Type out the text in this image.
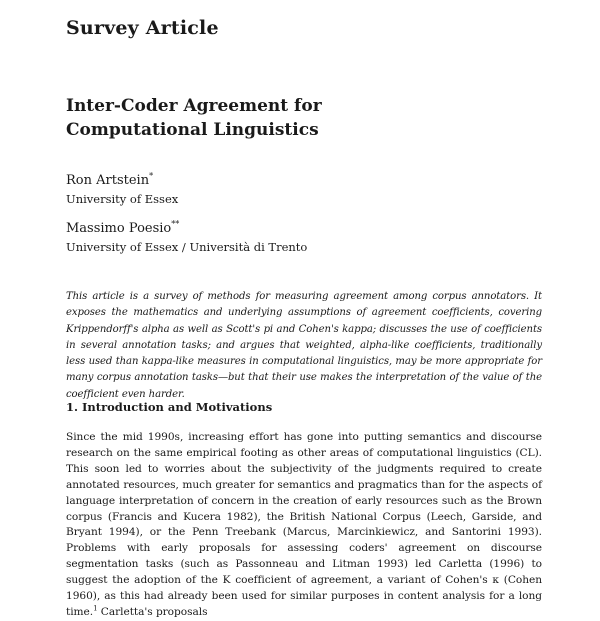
Survey Article
Inter-Coder Agreement for
Computational Linguistics
Ron Artstein*
University of Essex
Massimo Poesio**
University of Essex / Università di Trento
This article is a survey of methods for measuring agreement among corpus annotators. It exposes the mathematics and underlying assumptions of agreement coefficients, covering Krippendorff's alpha as well as Scott's pi and Cohen's kappa; discusses the use of coefficients in several annotation tasks; and argues that weighted, alpha-like coefficients, traditionally less used than kappa-like measures in computational linguistics, may be more appropriate for many corpus annotation tasks—but that their use makes the interpretation of the value of the coefficient even harder.
1. Introduction and Motivations
Since the mid 1990s, increasing effort has gone into putting semantics and discourse research on the same empirical footing as other areas of computational linguistics (CL). This soon led to worries about the subjectivity of the judgments required to create annotated resources, much greater for semantics and pragmatics than for the aspects of language interpretation of concern in the creation of early resources such as the Brown corpus (Francis and Kucera 1982), the British National Corpus (Leech, Garside, and Bryant 1994), or the Penn Treebank (Marcus, Marcinkiewicz, and Santorini 1993). Problems with early proposals for assessing coders' agreement on discourse segmentation tasks (such as Passonneau and Litman 1993) led Carletta (1996) to suggest the adoption of the K coefficient of agreement, a variant of Cohen's κ (Cohen 1960), as this had already been used for similar purposes in content analysis for a long time.$^1$ Carletta's proposals
